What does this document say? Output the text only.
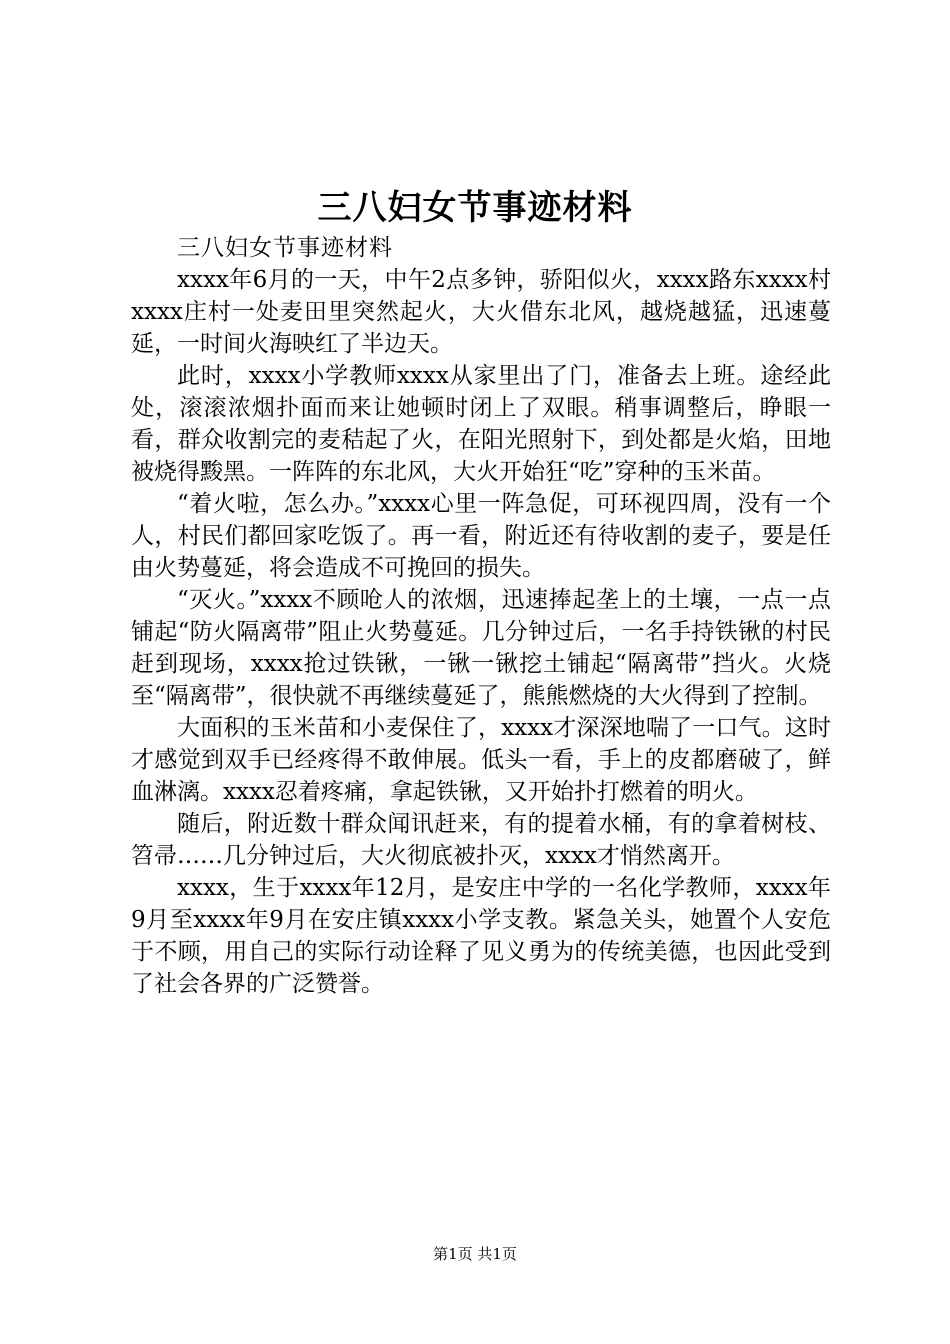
三八妇女节事迹材料

三八妇女节事迹材料

xxxx年6月的一天，中午2点多钟，骄阳似火，xxxx路东xxxx村xxxx庄村一处麦田里突然起火，大火借东北风，越烧越猛，迅速蔓延，一时间火海映红了半边天。

此时，xxxx小学教师xxxx从家里出了门，准备去上班。途经此处，滚滚浓烟扑面而来让她顿时闭上了双眼。稍事调整后，睁眼一看，群众收割完的麦秸起了火，在阳光照射下，到处都是火焰，田地被烧得黢黑。一阵阵的东北风，大火开始狂“吃”穿种的玉米苗。

“着火啦，怎么办。”xxxx心里一阵急促，可环视四周，没有一个人，村民们都回家吃饭了。再一看，附近还有待收割的麦子，要是任由火势蔓延，将会造成不可挽回的损失。

“灭火。”xxxx不顾呛人的浓烟，迅速捧起垄上的土壤，一点一点铺起“防火隔离带”阻止火势蔓延。几分钟过后，一名手持铁锹的村民赶到现场，xxxx抢过铁锹，一锹一锹挖土铺起“隔离带”挡火。火烧至“隔离带”，很快就不再继续蔓延了，熊熊燃烧的大火得到了控制。

大面积的玉米苗和小麦保住了，xxxx才深深地喘了一口气。这时才感觉到双手已经疼得不敢伸展。低头一看，手上的皮都磨破了，鲜血淋漓。xxxx忍着疼痛，拿起铁锹，又开始扑打燃着的明火。

随后，附近数十群众闻讯赶来，有的提着水桶，有的拿着树枝、笤帚……几分钟过后，大火彻底被扑灭，xxxx才悄然离开。

xxxx，生于xxxx年12月，是安庄中学的一名化学教师，xxxx年9月至xxxx年9月在安庄镇xxxx小学支教。紧急关头，她置个人安危于不顾，用自己的实际行动诠释了见义勇为的传统美德，也因此受到了社会各界的广泛赞誉。

第1页 共1页
